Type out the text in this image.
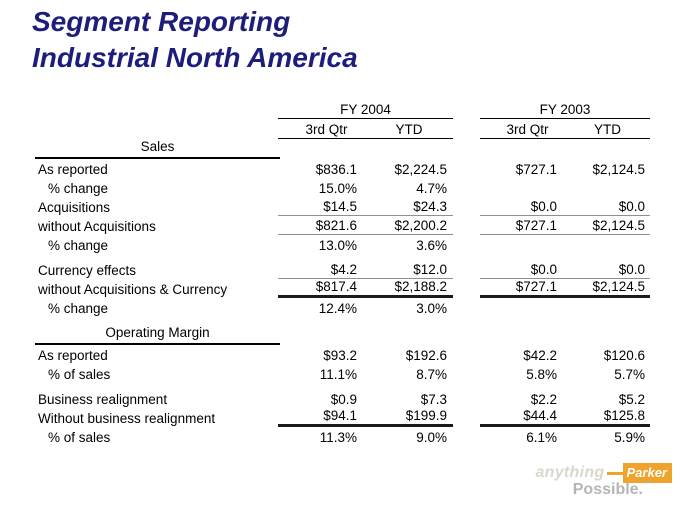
Segment Reporting
Industrial North America
FY 2004	FY 2003
3rd Qtr	YTD	3rd Qtr	YTD
Sales
As reported	$836.1	$2,224.5	$727.1	$2,124.5
% change	15.0%	4.7%
Acquisitions	$14.5	$24.3	$0.0	$0.0
without Acquisitions	$821.6	$2,200.2	$727.1	$2,124.5
% change	13.0%	3.6%
Currency effects	$4.2	$12.0	$0.0	$0.0
without Acquisitions & Currency	$817.4	$2,188.2	$727.1	$2,124.5
% change	12.4%	3.0%
Operating Margin
As reported	$93.2	$192.6	$42.2	$120.6
% of sales	11.1%	8.7%	5.8%	5.7%
Business realignment	$0.9	$7.3	$2.2	$5.2
Without business realignment	$94.1	$199.9	$44.4	$125.8
% of sales	11.3%	9.0%	6.1%	5.9%
anything	Parker
Possible.™
